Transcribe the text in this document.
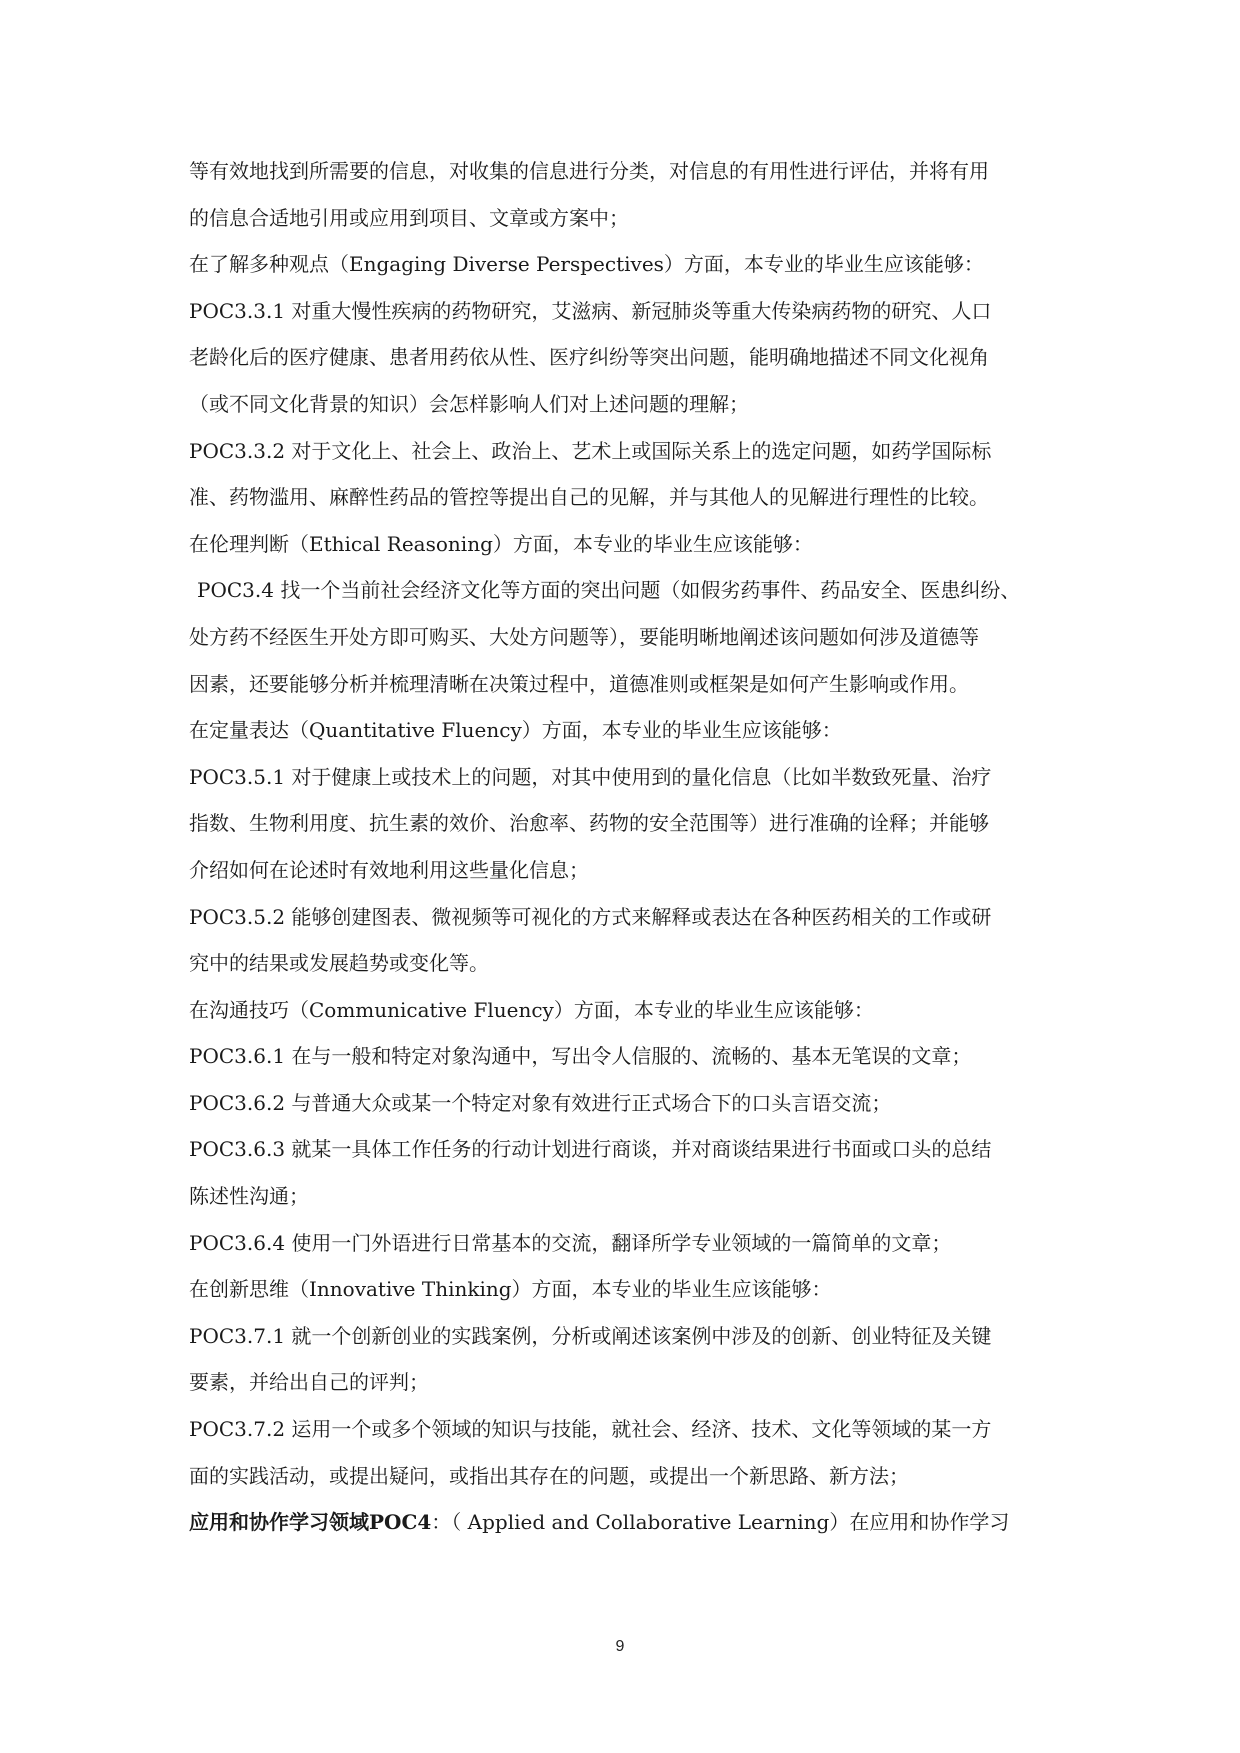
等有效地找到所需要的信息，对收集的信息进行分类，对信息的有用性进行评估，并将有用
的信息合适地引用或应用到项目、文章或方案中；
在了解多种观点（Engaging Diverse Perspectives）方面，本专业的毕业生应该能够：
POC3.3.1 对重大慢性疾病的药物研究，艾滋病、新冠肺炎等重大传染病药物的研究、人口
老龄化后的医疗健康、患者用药依从性、医疗纠纷等突出问题，能明确地描述不同文化视角
（或不同文化背景的知识）会怎样影响人们对上述问题的理解；
POC3.3.2 对于文化上、社会上、政治上、艺术上或国际关系上的选定问题，如药学国际标
准、药物滥用、麻醉性药品的管控等提出自己的见解，并与其他人的见解进行理性的比较。
在伦理判断（Ethical Reasoning）方面，本专业的毕业生应该能够：
POC3.4 找一个当前社会经济文化等方面的突出问题（如假劣药事件、药品安全、医患纠纷、
处方药不经医生开处方即可购买、大处方问题等），要能明晰地阐述该问题如何涉及道德等
因素，还要能够分析并梳理清晰在决策过程中，道德准则或框架是如何产生影响或作用。
在定量表达（Quantitative Fluency）方面，本专业的毕业生应该能够：
POC3.5.1 对于健康上或技术上的问题，对其中使用到的量化信息（比如半数致死量、治疗
指数、生物利用度、抗生素的效价、治愈率、药物的安全范围等）进行准确的诠释；并能够
介绍如何在论述时有效地利用这些量化信息；
POC3.5.2 能够创建图表、微视频等可视化的方式来解释或表达在各种医药相关的工作或研
究中的结果或发展趋势或变化等。
在沟通技巧（Communicative Fluency）方面，本专业的毕业生应该能够：
POC3.6.1 在与一般和特定对象沟通中，写出令人信服的、流畅的、基本无笔误的文章；
POC3.6.2 与普通大众或某一个特定对象有效进行正式场合下的口头言语交流；
POC3.6.3 就某一具体工作任务的行动计划进行商谈，并对商谈结果进行书面或口头的总结
陈述性沟通；
POC3.6.4 使用一门外语进行日常基本的交流，翻译所学专业领域的一篇简单的文章；
在创新思维（Innovative Thinking）方面，本专业的毕业生应该能够：
POC3.7.1 就一个创新创业的实践案例，分析或阐述该案例中涉及的创新、创业特征及关键
要素，并给出自己的评判；
POC3.7.2 运用一个或多个领域的知识与技能，就社会、经济、技术、文化等领域的某一方
面的实践活动，或提出疑问，或指出其存在的问题，或提出一个新思路、新方法；
应用和协作学习领域POC4：（ Applied and Collaborative Learning）在应用和协作学习
9
